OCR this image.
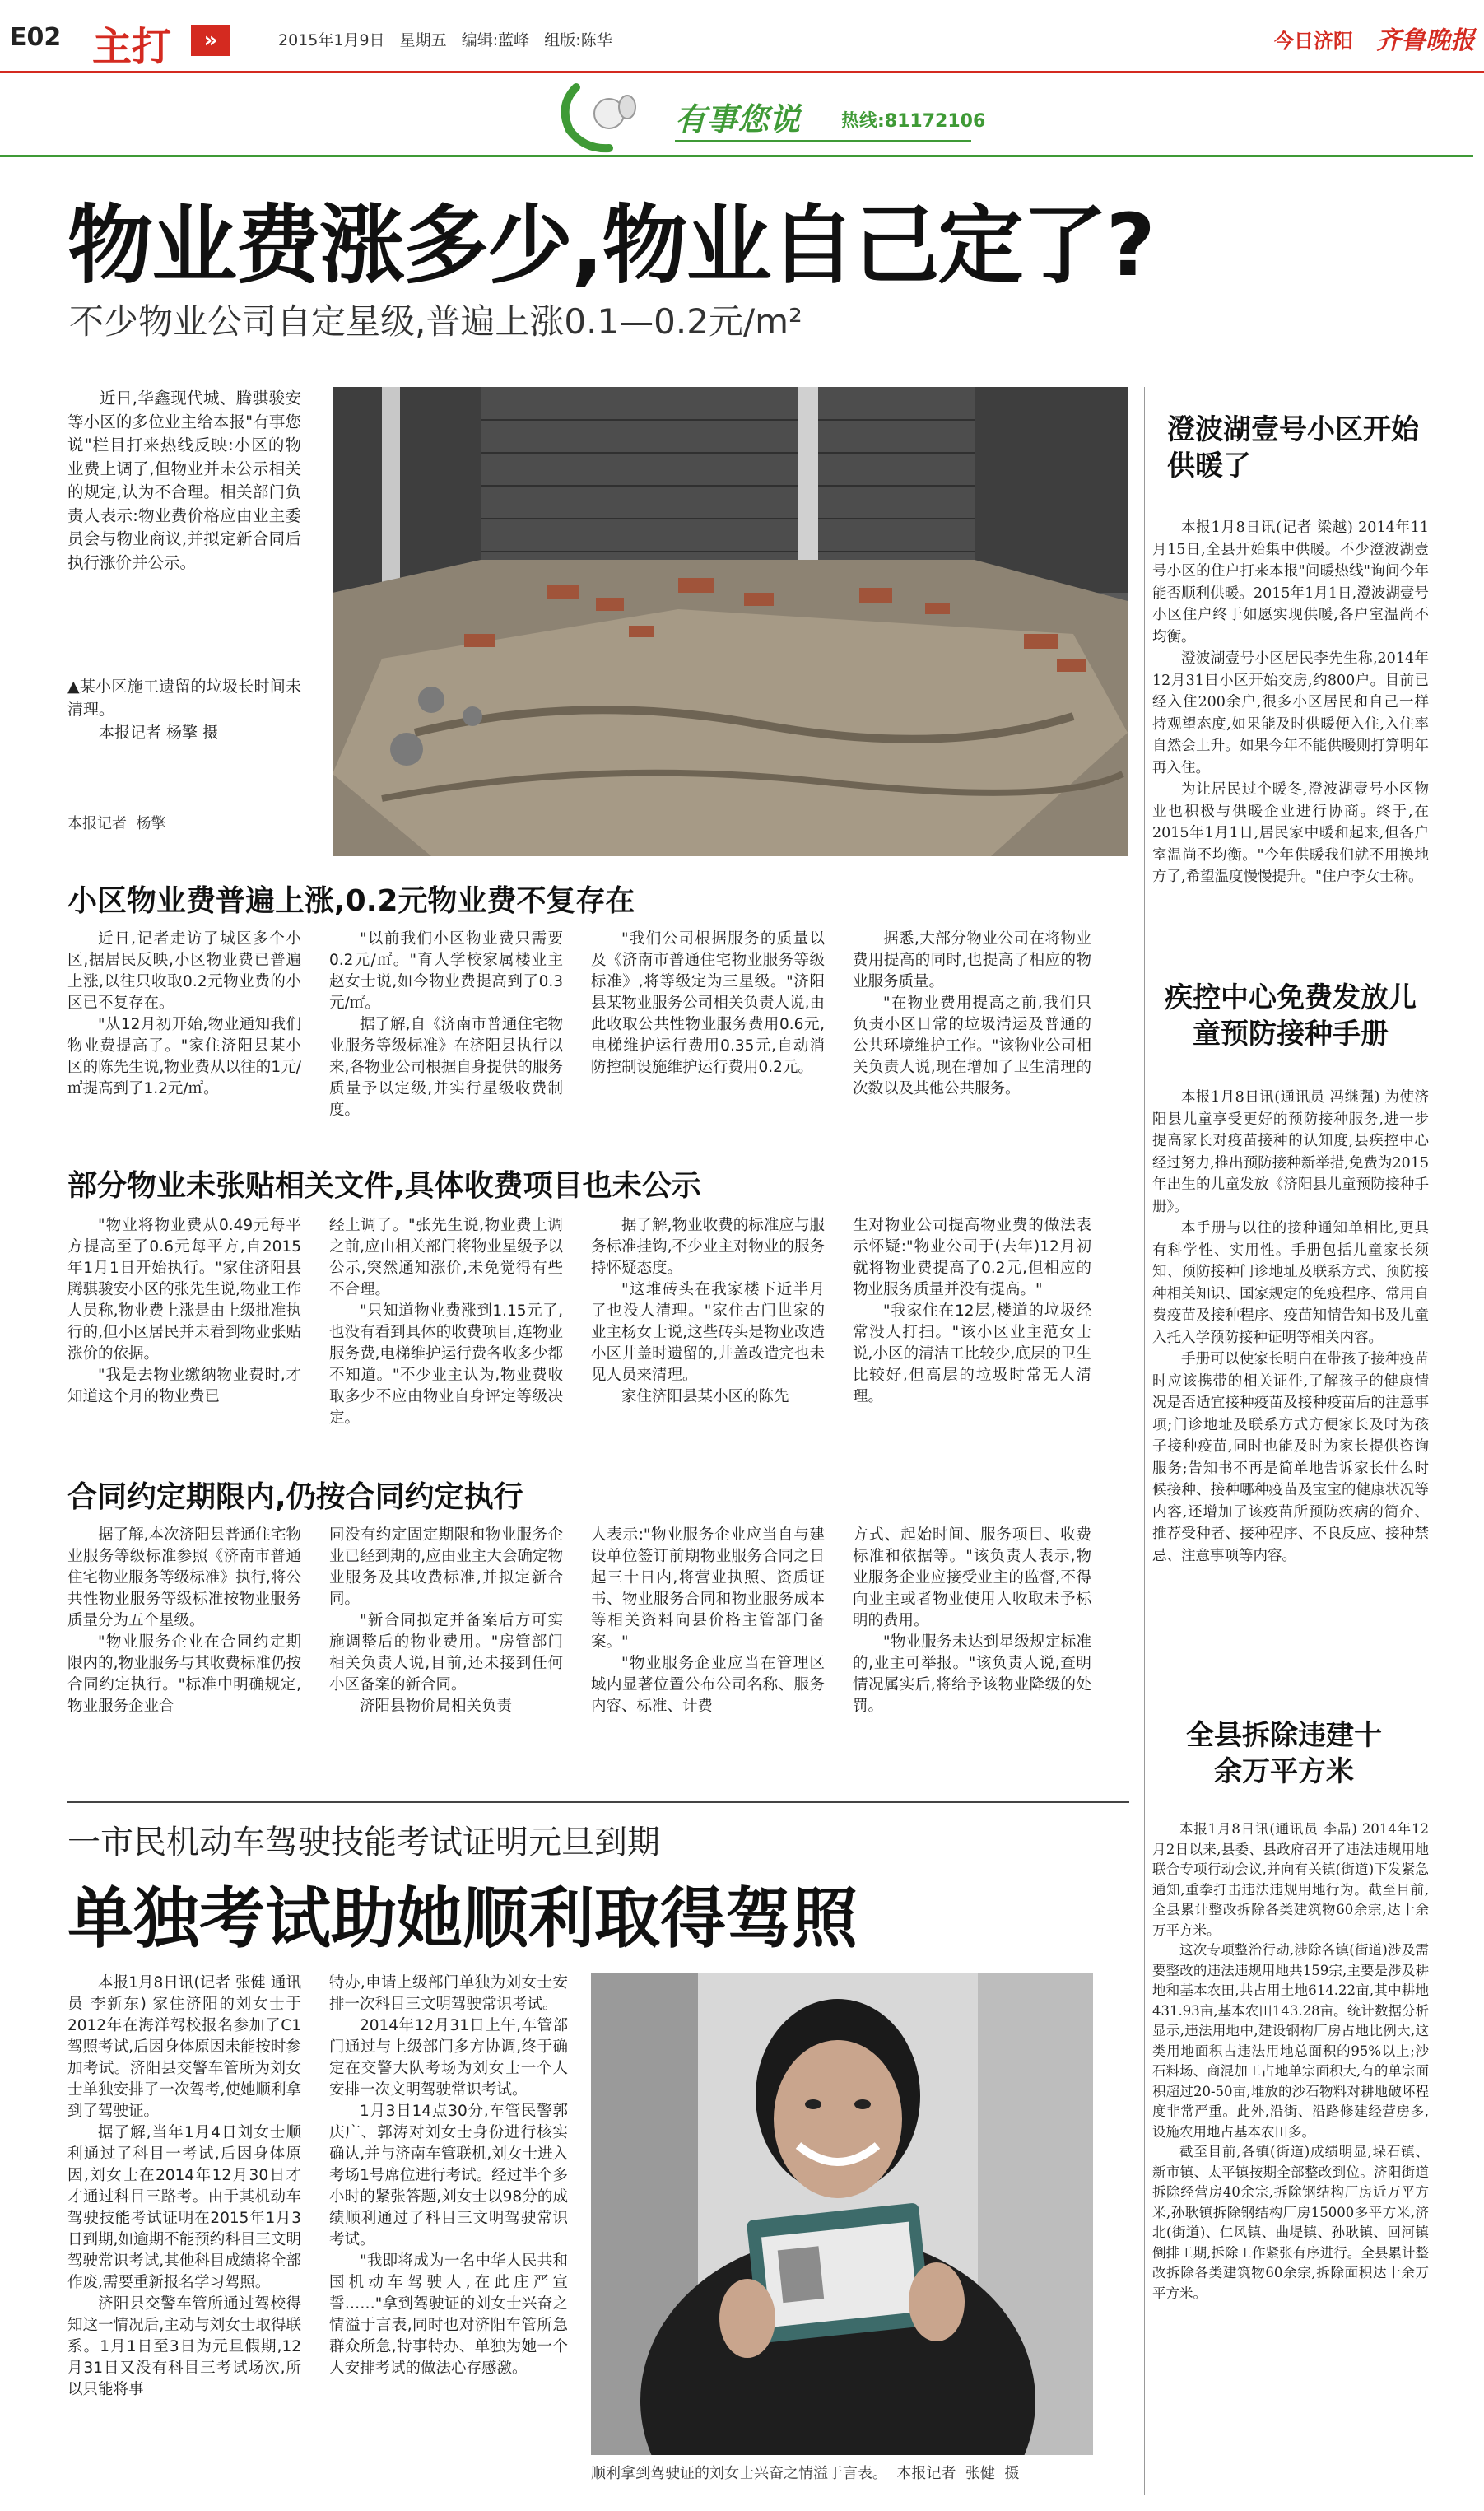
E02 主打	»	2015年1月9日   星期五   编辑:蓝峰   组版:陈华	今日济阳 齐鲁晚报
有事您说 热线:81172106
物业费涨多少,物业自己定了?
不少物业公司自定星级,普遍上涨0.1—0.2元/m²

近日,华鑫现代城、腾骐骏安等小区的多位业主给本报"有事您说"栏目打来热线反映:小区的物业费上调了,但物业并未公示相关的规定,认为不合理。相关部门负责人表示:物业费价格应由业主委员会与物业商议,并拟定新合同后执行涨价并公示。

▲某小区施工遗留的垃圾长时间未清理。

本报记者 杨擎 摄

本报记者  杨擎
小区物业费普遍上涨,0.2元物业费不复存在

近日,记者走访了城区多个小区,据居民反映,小区物业费已普遍上涨,以往只收取0.2元物业费的小区已不复存在。

"从12月初开始,物业通知我们物业费提高了。"家住济阳县某小区的陈先生说,物业费从以往的1元/㎡提高到了1.2元/㎡。

"以前我们小区物业费只需要0.2元/㎡。"育人学校家属楼业主赵女士说,如今物业费提高到了0.3元/㎡。

据了解,自《济南市普通住宅物业服务等级标准》在济阳县执行以来,各物业公司根据自身提供的服务质量予以定级,并实行星级收费制度。

"我们公司根据服务的质量以及《济南市普通住宅物业服务等级标准》,将等级定为三星级。"济阳县某物业服务公司相关负责人说,由此收取公共性物业服务费用0.6元,电梯维护运行费用0.35元,自动消防控制设施维护运行费用0.2元。

据悉,大部分物业公司在将物业费用提高的同时,也提高了相应的物业服务质量。

"在物业费用提高之前,我们只负责小区日常的垃圾清运及普通的公共环境维护工作。"该物业公司相关负责人说,现在增加了卫生清理的次数以及其他公共服务。

部分物业未张贴相关文件,具体收费项目也未公示

"物业将物业费从0.49元每平方提高至了0.6元每平方,自2015年1月1日开始执行。"家住济阳县腾骐骏安小区的张先生说,物业工作人员称,物业费上涨是由上级批准执行的,但小区居民并未看到物业张贴涨价的依据。

"我是去物业缴纳物业费时,才知道这个月的物业费已

经上调了。"张先生说,物业费上调之前,应由相关部门将物业星级予以公示,突然通知涨价,未免觉得有些不合理。

"只知道物业费涨到1.15元了,也没有看到具体的收费项目,连物业服务费,电梯维护运行费各收多少都不知道。"不少业主认为,物业费收取多少不应由物业自身评定等级决定。

据了解,物业收费的标准应与服务标准挂钩,不少业主对物业的服务持怀疑态度。

"这堆砖头在我家楼下近半月了也没人清理。"家住古门世家的业主杨女士说,这些砖头是物业改造小区井盖时遗留的,井盖改造完也未见人员来清理。

家住济阳县某小区的陈先

生对物业公司提高物业费的做法表示怀疑:"物业公司于(去年)12月初就将物业费提高了0.2元,但相应的物业服务质量并没有提高。"

"我家住在12层,楼道的垃圾经常没人打扫。"该小区业主范女士说,小区的清洁工比较少,底层的卫生比较好,但高层的垃圾时常无人清理。

合同约定期限内,仍按合同约定执行

据了解,本次济阳县普通住宅物业服务等级标准参照《济南市普通住宅物业服务等级标准》执行,将公共性物业服务等级标准按物业服务质量分为五个星级。

"物业服务企业在合同约定期限内的,物业服务与其收费标准仍按合同约定执行。"标准中明确规定,物业服务企业合

同没有约定固定期限和物业服务企业已经到期的,应由业主大会确定物业服务及其收费标准,并拟定新合同。

"新合同拟定并备案后方可实施调整后的物业费用。"房管部门相关负责人说,目前,还未接到任何小区备案的新合同。

济阳县物价局相关负责

人表示:"物业服务企业应当自与建设单位签订前期物业服务合同之日起三十日内,将营业执照、资质证书、物业服务合同和物业服务成本等相关资料向县价格主管部门备案。"

"物业服务企业应当在管理区域内显著位置公布公司名称、服务内容、标准、计费

方式、起始时间、服务项目、收费标准和依据等。"该负责人表示,物业服务企业应接受业主的监督,不得向业主或者物业使用人收取未予标明的费用。

"物业服务未达到星级规定标准的,业主可举报。"该负责人说,查明情况属实后,将给予该物业降级的处罚。

一市民机动车驾驶技能考试证明元旦到期
单独考试助她顺利取得驾照

本报1月8日讯(记者 张健 通讯员 李新东) 家住济阳的刘女士于2012年在海洋驾校报名参加了C1驾照考试,后因身体原因未能按时参加考试。济阳县交警车管所为刘女士单独安排了一次驾考,使她顺利拿到了驾驶证。

据了解,当年1月4日刘女士顺利通过了科目一考试,后因身体原因,刘女士在2014年12月30日才才通过科目三路考。由于其机动车驾驶技能考试证明在2015年1月3日到期,如逾期不能预约科目三文明驾驶常识考试,其他科目成绩将全部作废,需要重新报名学习驾照。

济阳县交警车管所通过驾校得知这一情况后,主动与刘女士取得联系。1月1日至3日为元旦假期,12月31日又没有科目三考试场次,所以只能将事

特办,申请上级部门单独为刘女士安排一次科目三文明驾驶常识考试。

2014年12月31日上午,车管部门通过与上级部门多方协调,终于确定在交警大队考场为刘女士一个人安排一次文明驾驶常识考试。

1月3日14点30分,车管民警郭庆广、郭涛对刘女士身份进行核实确认,并与济南车管联机,刘女士进入考场1号席位进行考试。经过半个多小时的紧张答题,刘女士以98分的成绩顺利通过了科目三文明驾驶常识考试。

"我即将成为一名中华人民共和国机动车驾驶人,在此庄严宣誓……"拿到驾驶证的刘女士兴奋之情溢于言表,同时也对济阳车管所急群众所急,特事特办、单独为她一个人安排考试的做法心存感激。

顺利拿到驾驶证的刘女士兴奋之情溢于言表。  本报记者  张健  摄
澄波湖壹号小区开始供暖了

本报1月8日讯(记者 梁越) 2014年11月15日,全县开始集中供暖。不少澄波湖壹号小区的住户打来本报"问暖热线"询问今年能否顺利供暖。2015年1月1日,澄波湖壹号小区住户终于如愿实现供暖,各户室温尚不均衡。

澄波湖壹号小区居民李先生称,2014年12月31日小区开始交房,约800户。目前已经入住200余户,很多小区居民和自己一样持观望态度,如果能及时供暖便入住,入住率自然会上升。如果今年不能供暖则打算明年再入住。

为让居民过个暖冬,澄波湖壹号小区物业也积极与供暖企业进行协商。终于,在2015年1月1日,居民家中暖和起来,但各户室温尚不均衡。"今年供暖我们就不用换地方了,希望温度慢慢提升。"住户李女士称。

疾控中心免费发放儿童预防接种手册

本报1月8日讯(通讯员 冯继强) 为使济阳县儿童享受更好的预防接种服务,进一步提高家长对疫苗接种的认知度,县疾控中心经过努力,推出预防接种新举措,免费为2015年出生的儿童发放《济阳县儿童预防接种手册》。

本手册与以往的接种通知单相比,更具有科学性、实用性。手册包括儿童家长须知、预防接种门诊地址及联系方式、预防接种相关知识、国家规定的免疫程序、常用自费疫苗及接种程序、疫苗知情告知书及儿童入托入学预防接种证明等相关内容。

手册可以使家长明白在带孩子接种疫苗时应该携带的相关证件,了解孩子的健康情况是否适宜接种疫苗及接种疫苗后的注意事项;门诊地址及联系方式方便家长及时为孩子接种疫苗,同时也能及时为家长提供咨询服务;告知书不再是简单地告诉家长什么时候接种、接种哪种疫苗及宝宝的健康状况等内容,还增加了该疫苗所预防疾病的简介、推荐受种者、接种程序、不良反应、接种禁忌、注意事项等内容。

全县拆除违建十余万平方米

本报1月8日讯(通讯员 李晶) 2014年12月2日以来,县委、县政府召开了违法违规用地联合专项行动会议,并向有关镇(街道)下发紧急通知,重拳打击违法违规用地行为。截至目前,全县累计整改拆除各类建筑物60余宗,达十余万平方米。

这次专项整治行动,涉除各镇(街道)涉及需要整改的违法违规用地共159宗,主要是涉及耕地和基本农田,共占用土地614.22亩,其中耕地431.93亩,基本农田143.28亩。统计数据分析显示,违法用地中,建设钢构厂房占地比例大,这类用地面积占违法用地总面积的95%以上;沙石料场、商混加工占地单宗面积大,有的单宗面积超过20-50亩,堆放的沙石物料对耕地破坏程度非常严重。此外,沿街、沿路修建经营房多,设施农用地占基本农田多。

截至目前,各镇(街道)成绩明显,垛石镇、新市镇、太平镇按期全部整改到位。济阳街道拆除经营房40余宗,拆除钢结构厂房近万平方米,孙耿镇拆除钢结构厂房15000多平方米,济北(街道)、仁风镇、曲堤镇、孙耿镇、回河镇倒排工期,拆除工作紧张有序进行。全县累计整改拆除各类建筑物60余宗,拆除面积达十余万平方米。
